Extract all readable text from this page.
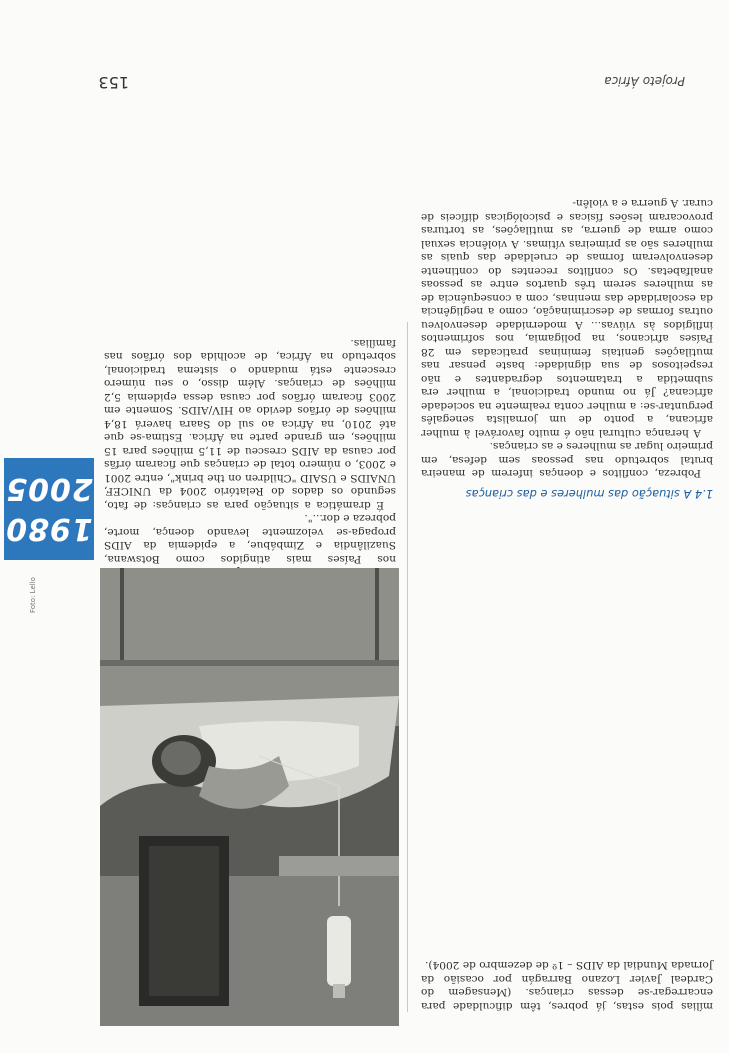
nos Países mais atingidos como Botswana, Suazilândia e Zimbábue, a epidemia da AIDS propaga-se velozmente levando doença, morte, pobreza e dor...".

É dramática a situação para as crianças: de fato, segundo os dados do Relatório 2004 da UNICEF, UNAIDS e USAID "Children on the brink", entre 2001 e 2003, o número total de crianças que ficaram órfãs por causa da AIDS cresceu de 11,5 milhões para 15 milhões, em grande parte na África. Estima-se que até 2010, na África ao sul do Saara haverá 18,4 milhões de órfãos devido ao HIV/AIDS. Somente em 2003 ficaram órfãos por causa dessa epidemia 5,2 milhões de crianças. Além disso, o seu número crescente está mudando o sistema tradicional, sobretudo na África, de acolhida dos órfãos nas famílias.

mílias pois estas, já pobres, têm dificuldade para encarregar-se dessas crianças. (Mensagem do Cardeal Javier Lozano Barragán por ocasião da Jornada Mundial da AIDS – 1º de dezembro de 2004).

1.4 A situação das mulheres e das crianças

Pobreza, conflitos e doenças inferem de maneira brutal sobretudo nas pessoas sem defesa, em primeiro lugar as mulheres e as crianças.

A herança cultural não é muito favorável à mulher africana, a ponto de um jornalista senegalês perguntar-se: a mulher conta realmente na sociedade africana? Já no mundo tradicional, a mulher era submetida a tratamentos degradantes e não respeitosos de sua dignidade: baste pensar nas mutilações genitais femininas praticadas em 28 Países africanos, na poligamia, nos sofrimentos infligidos às viúvas... A modernidade desenvolveu outras formas de descriminação, como a negligência da escolaridade das meninas, com a consequência de as mulheres serem três quartos entre as pessoas analfabetas. Os conflitos recentes do continente desenvolveram formas de crueldade das quais as mulheres são as primeiras vítimas. A violência sexual como arma de guerra, as mutilações, as torturas provocaram lesões físicas e psicológicas difíceis de curar. A guerra e a violên-

Projeto África
153
1980
2005
Foto: Lello
